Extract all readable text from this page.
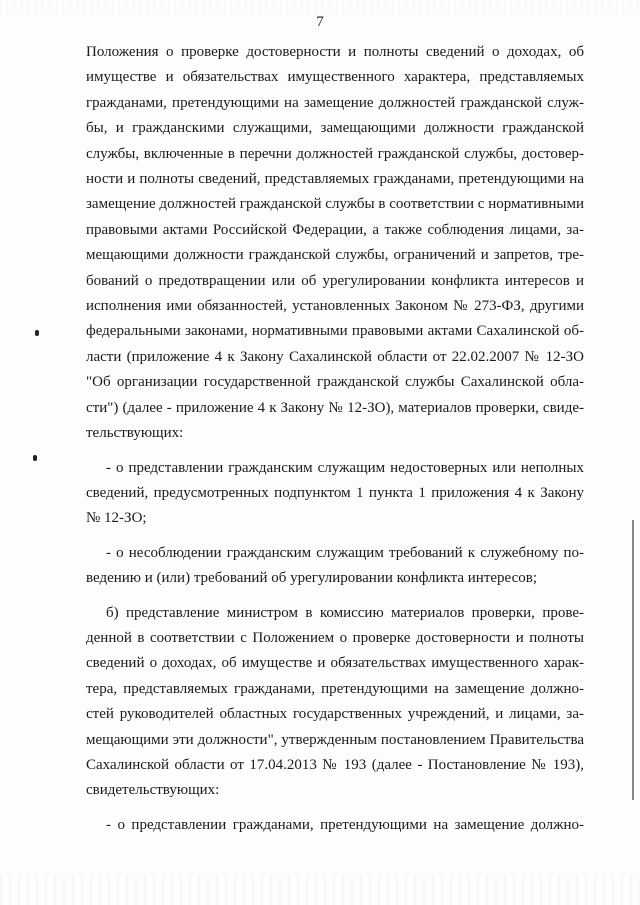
7
Положения о проверке достоверности и полноты сведений о доходах, об
имуществе и обязательствах имущественного характера, представляемых
гражданами, претендующими на замещение должностей гражданской служ-
бы, и гражданскими служащими, замещающими должности гражданской
службы, включенные в перечни должностей гражданской службы, достовер-
ности и полноты сведений, представляемых гражданами, претендующими на
замещение должностей гражданской службы в соответствии с нормативными
правовыми актами Российской Федерации, а также соблюдения лицами, за-
мещающими должности гражданской службы, ограничений и запретов, тре-
бований о предотвращении или об урегулировании конфликта интересов и
исполнения ими обязанностей, установленных Законом № 273-ФЗ, другими
федеральными законами, нормативными правовыми актами Сахалинской об-
ласти (приложение 4 к Закону Сахалинской области от 22.02.2007 № 12-ЗО
"Об организации государственной гражданской службы Сахалинской обла-
сти") (далее - приложение 4 к Закону № 12-ЗО), материалов проверки, свиде-
тельствующих:
- о представлении гражданским служащим недостоверных или неполных
сведений, предусмотренных подпунктом 1 пункта 1 приложения 4 к Закону
№ 12-ЗО;
- о несоблюдении гражданским служащим требований к служебному по-
ведению и (или) требований об урегулировании конфликта интересов;
б) представление министром в комиссию материалов проверки, прове-
денной в соответствии с Положением о проверке достоверности и полноты
сведений о доходах, об имуществе и обязательствах имущественного харак-
тера, представляемых гражданами, претендующими на замещение должно-
стей руководителей областных государственных учреждений, и лицами, за-
мещающими эти должности", утвержденным постановлением Правительства
Сахалинской области от 17.04.2013 № 193 (далее - Постановление № 193),
свидетельствующих:
- о представлении гражданами, претендующими на замещение должно-
